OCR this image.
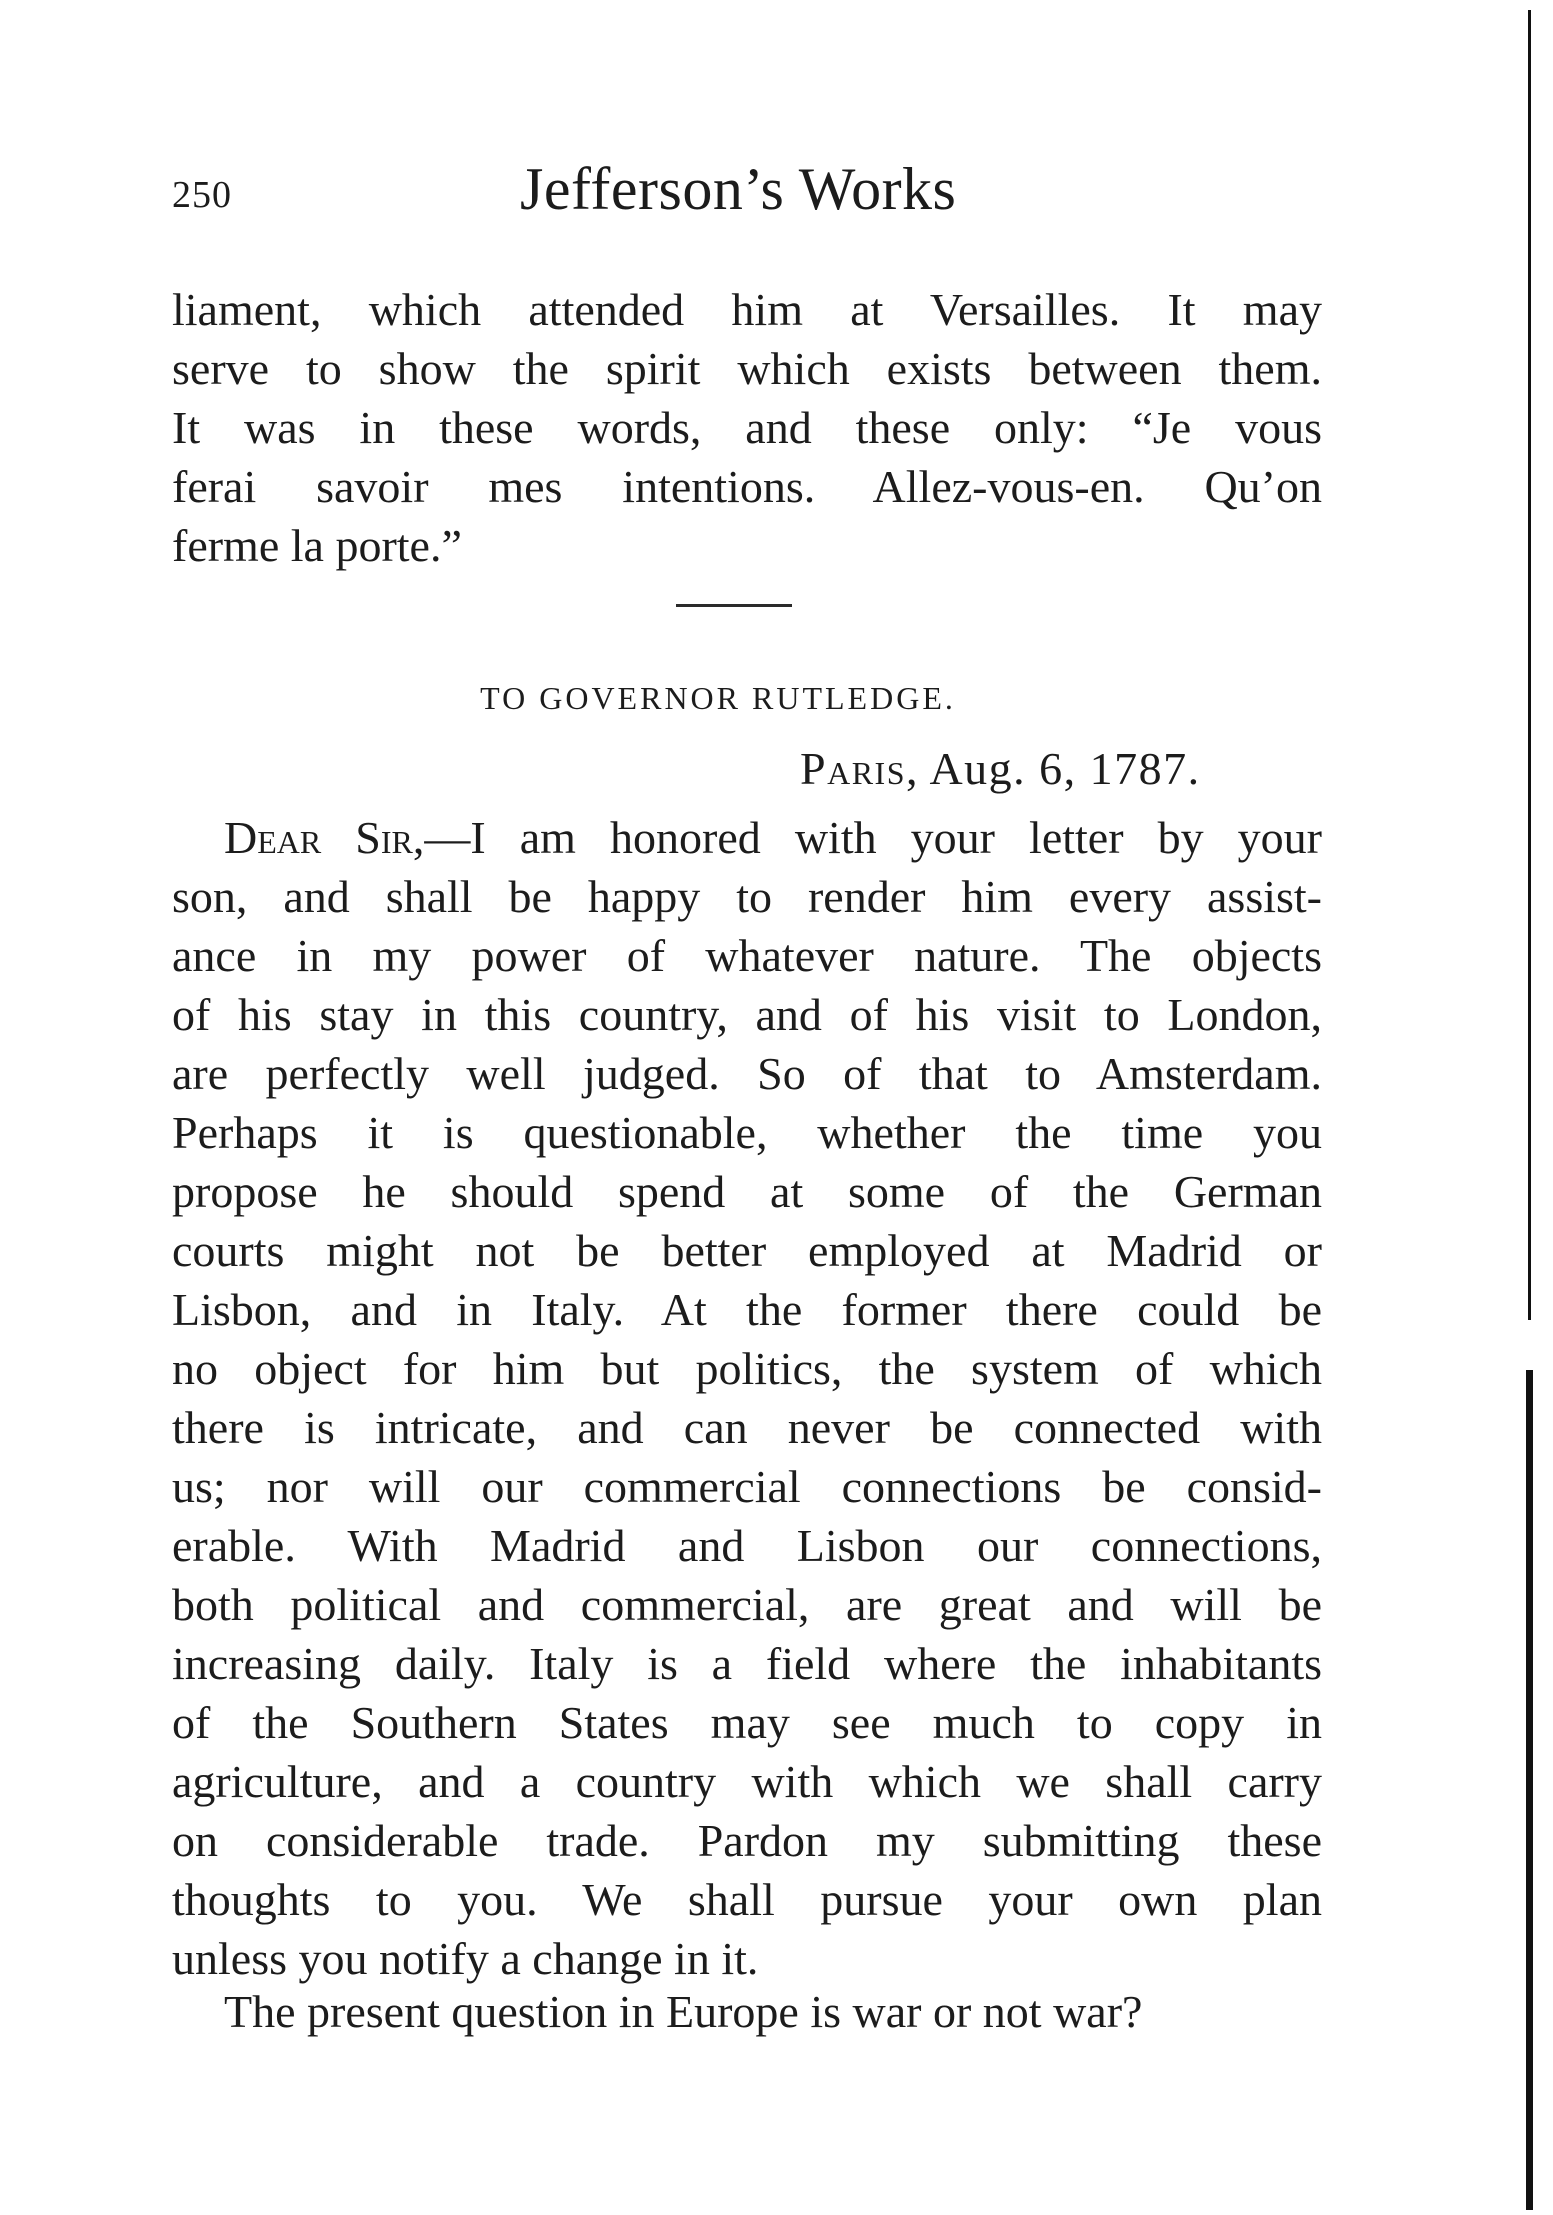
250	Jefferson’s Works
liament, which attended him at Versailles. It may
serve to show the spirit which exists between them.
It was in these words, and these only: “Je vous
ferai savoir mes intentions. Allez-vous-en. Qu’on
ferme la porte.”
TO GOVERNOR RUTLEDGE.
Paris, Aug. 6, 1787.
Dear Sir,—I am honored with your letter by your
son, and shall be happy to render him every assist-
ance in my power of whatever nature. The objects
of his stay in this country, and of his visit to London,
are perfectly well judged. So of that to Amsterdam.
Perhaps it is questionable, whether the time you
propose he should spend at some of the German
courts might not be better employed at Madrid or
Lisbon, and in Italy. At the former there could be
no object for him but politics, the system of which
there is intricate, and can never be connected with
us; nor will our commercial connections be consid-
erable. With Madrid and Lisbon our connections,
both political and commercial, are great and will be
increasing daily. Italy is a field where the inhabitants
of the Southern States may see much to copy in
agriculture, and a country with which we shall carry
on considerable trade. Pardon my submitting these
thoughts to you. We shall pursue your own plan
unless you notify a change in it.
The present question in Europe is war or not war?
